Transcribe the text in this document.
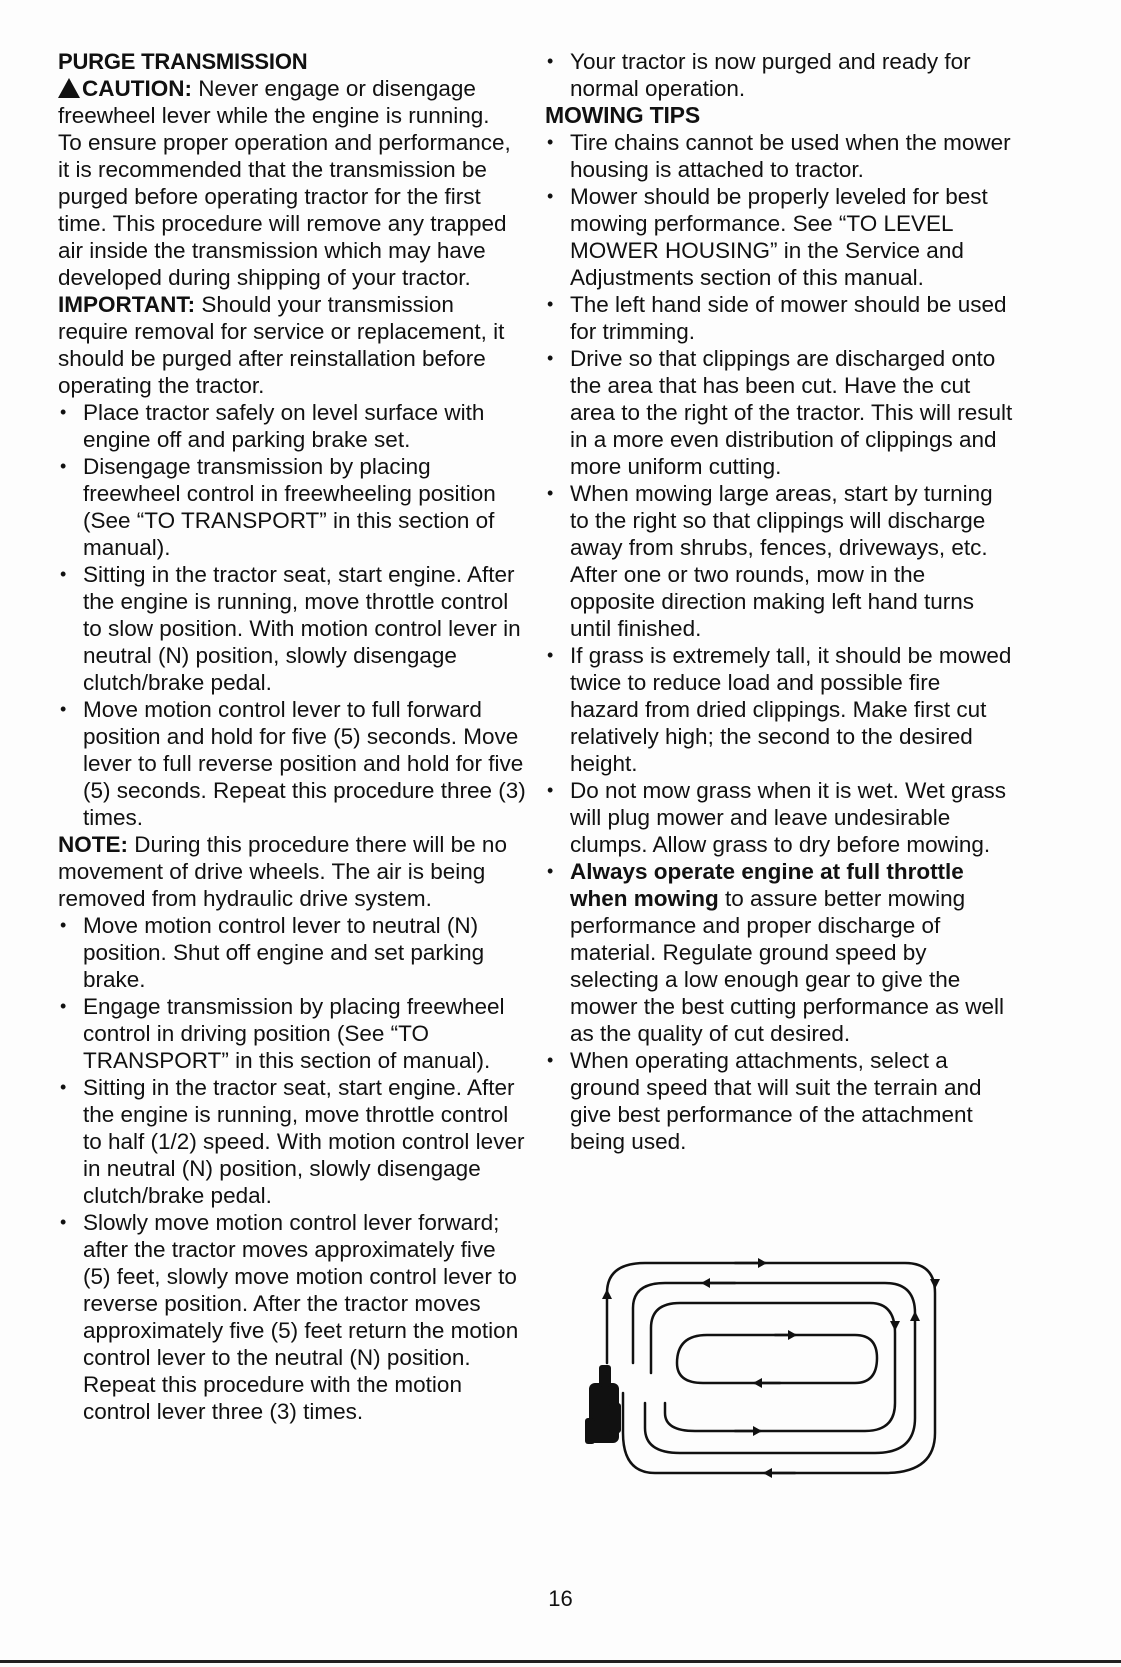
PURGE TRANSMISSION

CAUTION: Never engage or disengage freewheel lever while the engine is running.

To ensure proper operation and performance, it is recommended that the transmission be purged before operating tractor for the first time. This procedure will remove any trapped air inside the transmission which may have developed during shipping of your tractor.

IMPORTANT: Should your transmission require removal for service or replacement, it should be purged after reinstallation before operating the tractor.

• Place tractor safely on level surface with engine off and parking brake set.
• Disengage transmission by placing freewheel control in freewheeling position (See “TO TRANSPORT” in this section of manual).
• Sitting in the tractor seat, start engine. After the engine is running, move throttle control to slow position. With motion control lever in neutral (N) position, slowly disengage clutch/brake pedal.
• Move motion control lever to full forward position and hold for five (5) seconds. Move lever to full reverse position and hold for five (5) seconds. Repeat this procedure three (3) times.

NOTE: During this procedure there will be no movement of drive wheels. The air is being removed from hydraulic drive system.

• Move motion control lever to neutral (N) position. Shut off engine and set parking brake.
• Engage transmission by placing freewheel control in driving position (See “TO TRANSPORT” in this section of manual).
• Sitting in the tractor seat, start engine. After the engine is running, move throttle control to half (1/2) speed. With motion control lever in neutral (N) position, slowly disengage clutch/brake pedal.
• Slowly move motion control lever forward; after the tractor moves approximately five (5) feet, slowly move motion control lever to reverse position. After the tractor moves approximately five (5) feet return the motion control lever to the neutral (N) position. Repeat this procedure with the motion control lever three (3) times.
• Your tractor is now purged and ready for normal operation.
MOWING TIPS
• Tire chains cannot be used when the mower housing is attached to tractor.
• Mower should be properly leveled for best mowing performance. See “TO LEVEL MOWER HOUSING” in the Service and Adjustments section of this manual.
• The left hand side of mower should be used for trimming.
• Drive so that clippings are discharged onto the area that has been cut. Have the cut area to the right of the tractor. This will result in a more even distribution of clippings and more uniform cutting.
• When mowing large areas, start by turning to the right so that clippings will discharge away from shrubs, fences, driveways, etc. After one or two rounds, mow in the opposite direction making left hand turns until finished.
• If grass is extremely tall, it should be mowed twice to reduce load and possible fire hazard from dried clippings. Make first cut relatively high; the second to the desired height.
• Do not mow grass when it is wet. Wet grass will plug mower and leave undesirable clumps. Allow grass to dry before mowing.
• Always operate engine at full throttle when mowing to assure better mowing performance and proper discharge of material. Regulate ground speed by selecting a low enough gear to give the mower the best cutting performance as well as the quality of cut desired.
• When operating attachments, select a ground speed that will suit the terrain and give best performance of the attachment being used.
16
